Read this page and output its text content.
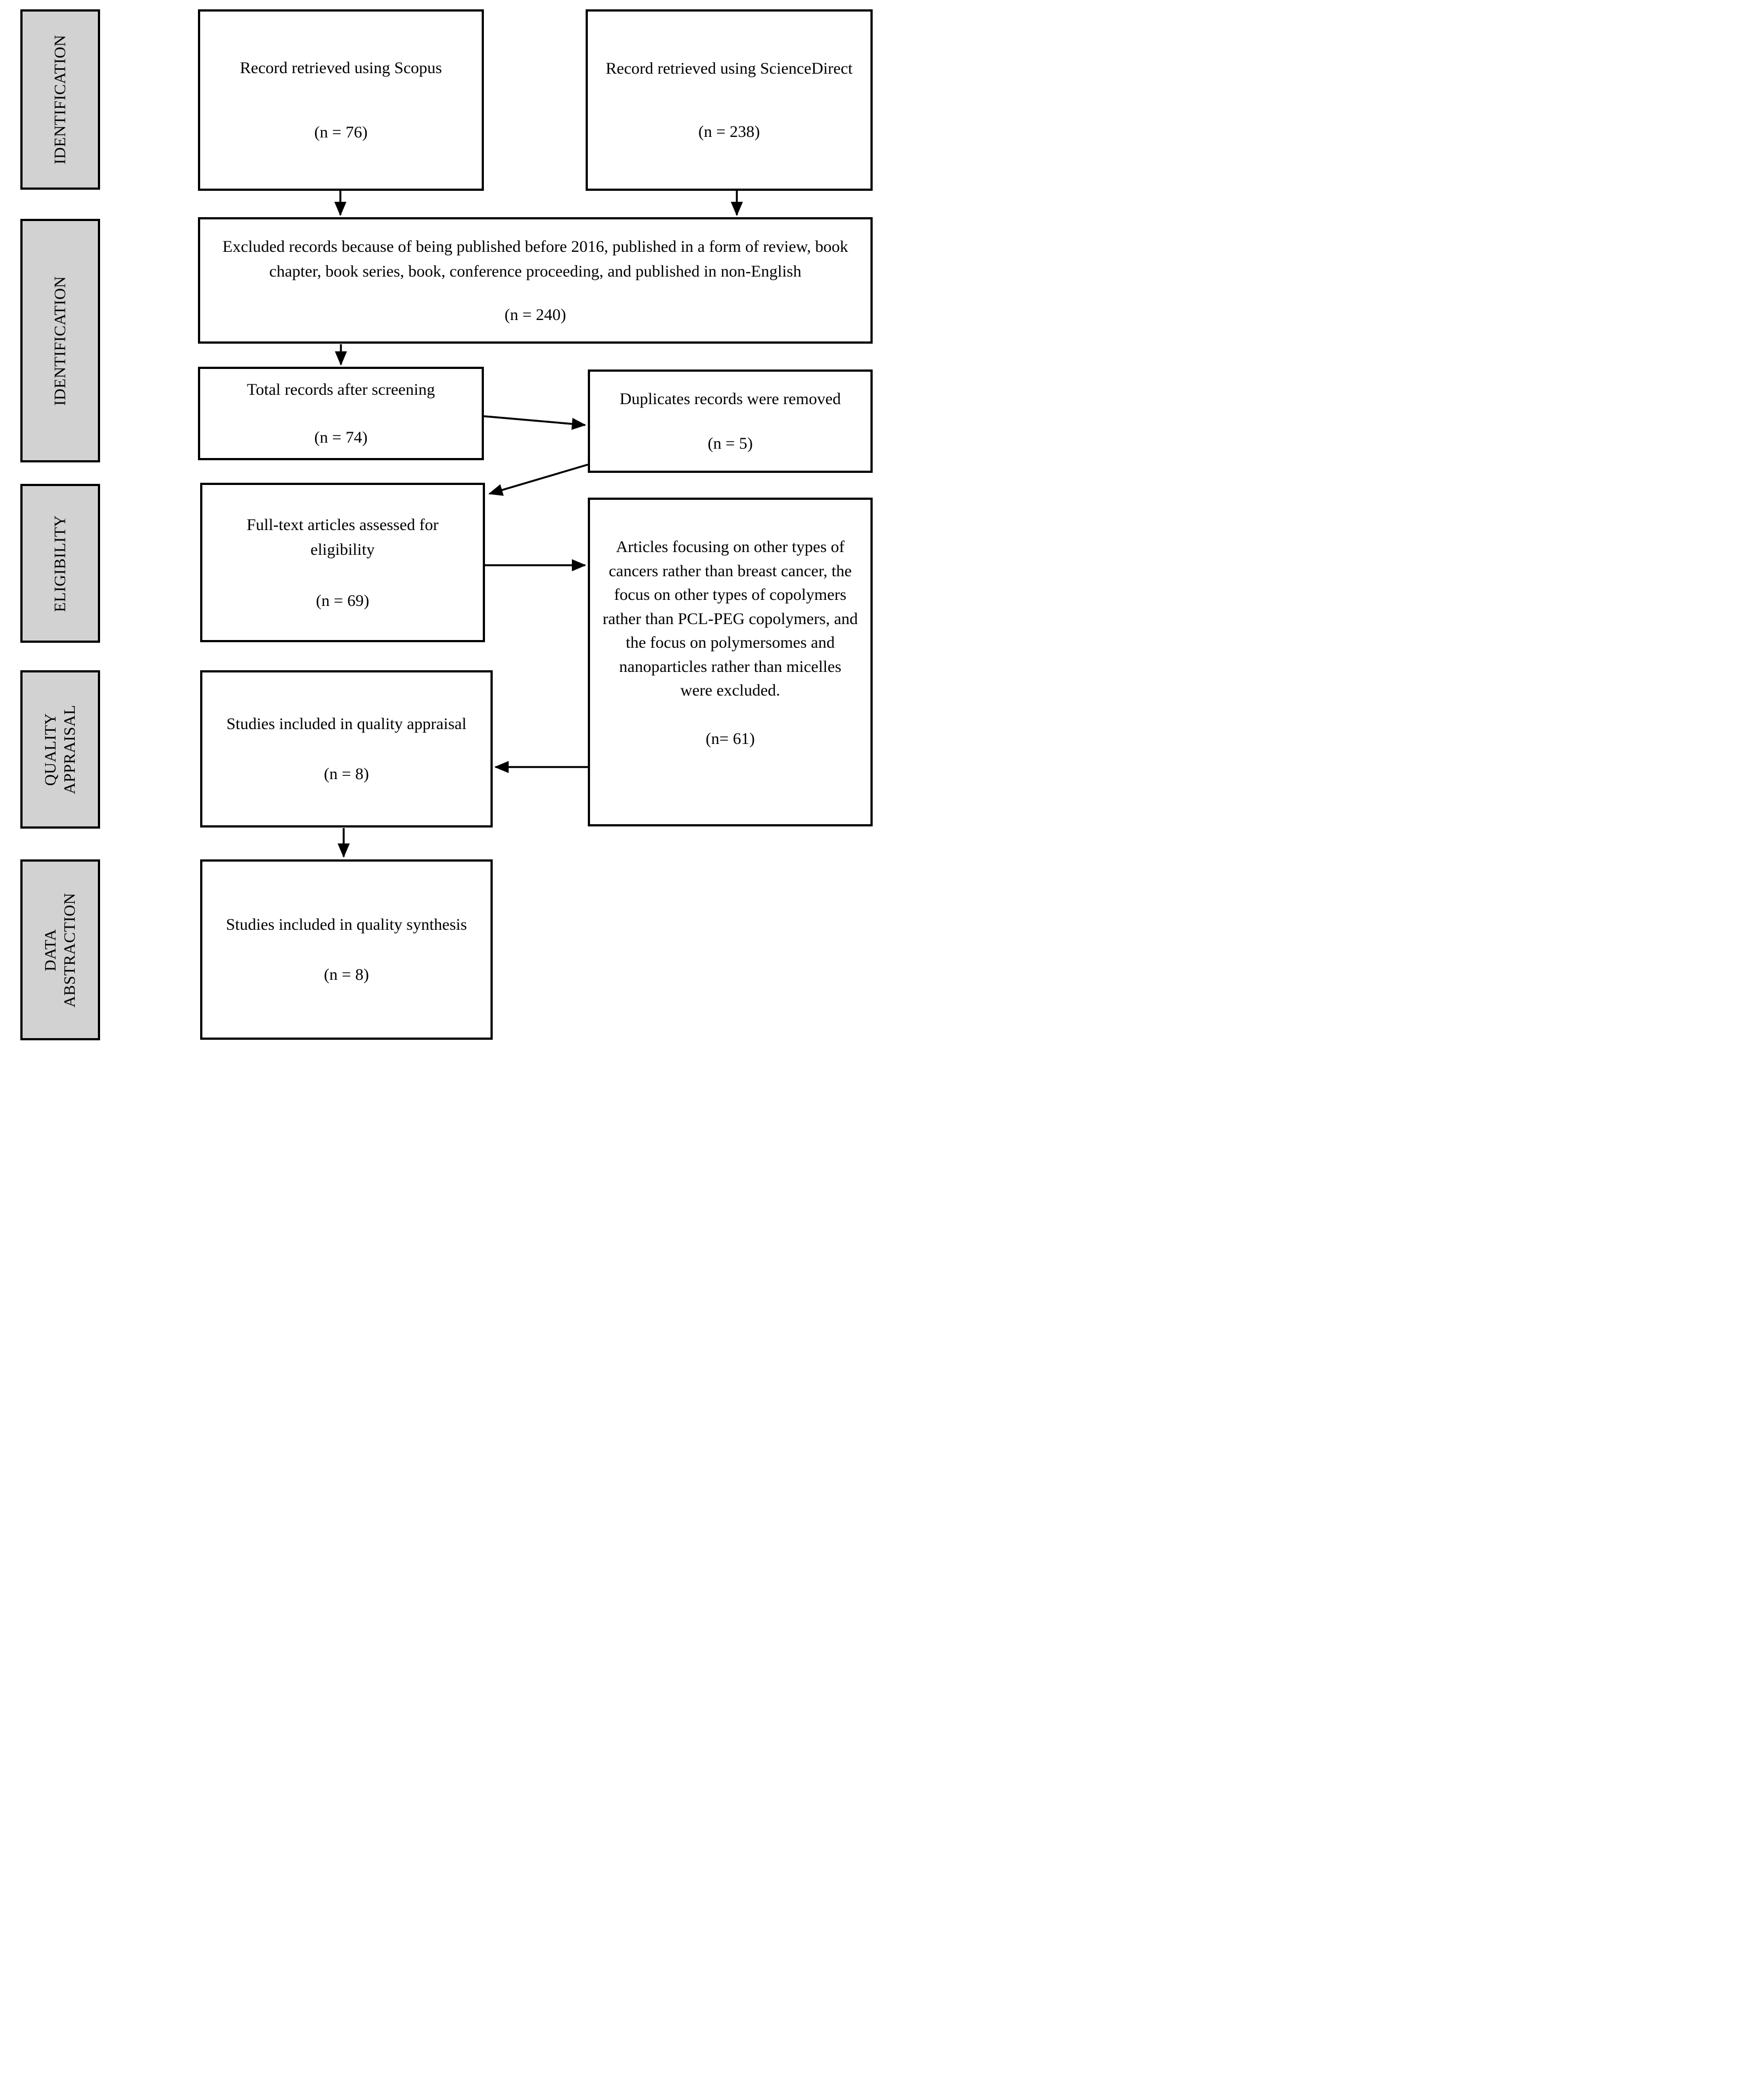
IDENTIFICATION
IDENTIFICATION
ELIGIBILITY
QUALITY APPRAISAL
DATA ABSTRACTION
Record retrieved using Scopus
(n = 76)
Record retrieved using ScienceDirect
(n = 238)
Excluded records because of being published before 2016, published in a form of review, book chapter, book series, book, conference proceeding, and published in non-English
(n = 240)
Total records after screening
(n = 74)
Duplicates records were removed
(n = 5)
Full-text articles assessed for eligibility
(n = 69)
Articles focusing on other types of cancers rather than breast cancer, the focus on other types of copolymers rather than PCL-PEG copolymers, and the focus on polymersomes and nanoparticles rather than micelles were excluded.
(n= 61)
Studies included in quality appraisal
(n = 8)
Studies included in quality synthesis
(n = 8)
